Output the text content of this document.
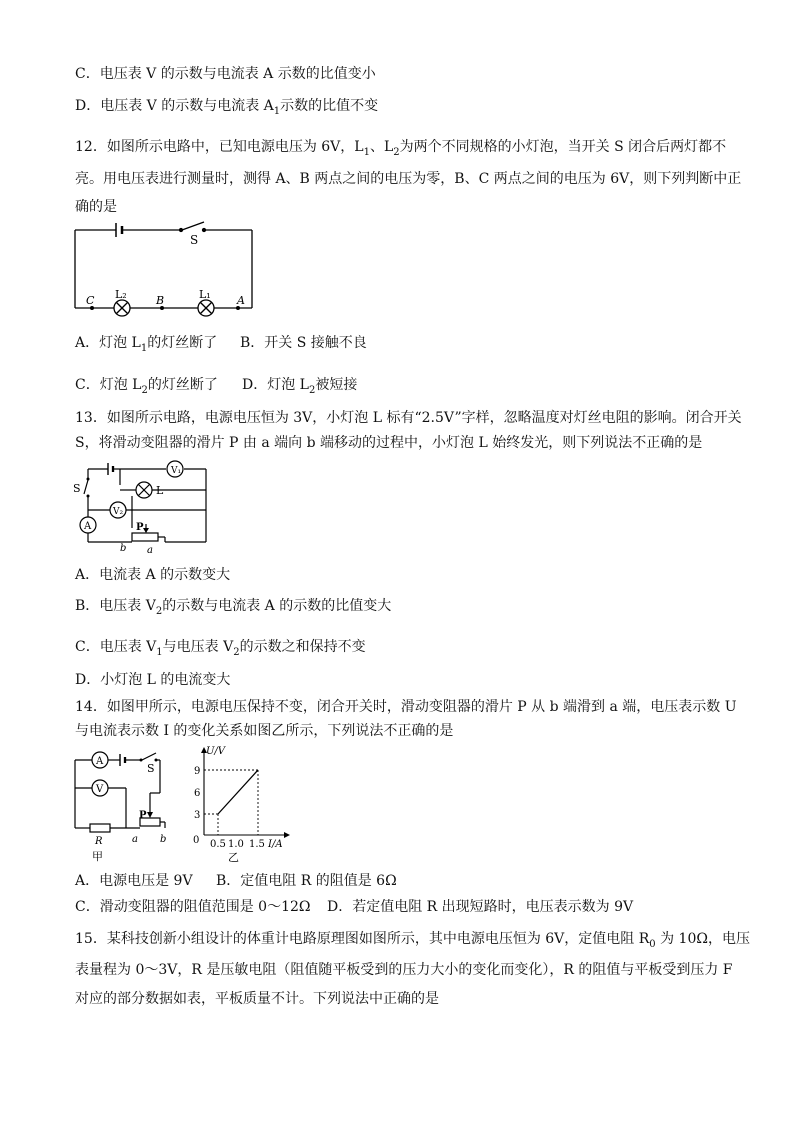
C．电压表 V 的示数与电流表 A 示数的比值变小
D．电压表 V 的示数与电流表 $A_1$示数的比值不变
12．如图所示电路中，已知电源电压为 6V，$L_1$、$L_2$为两个不同规格的小灯泡，当开关 S 闭合后两灯都不
亮。用电压表进行测量时，测得 A、B 两点之间的电压为零，B、C 两点之间的电压为 6V，则下列判断中正
确的是
S
L₂	L₁
C	B	A
A．灯泡 $L_1$的灯丝断了 B．开关 S 接触不良
C．灯泡 $L_2$的灯丝断了 D．灯泡 $L_2$被短接
13．如图所示电路，电源电压恒为 3V，小灯泡 L 标有“2.5V”字样，忽略温度对灯丝电阻的影响。闭合开关
S，将滑动变阻器的滑片 P 由 a 端向 b 端移动的过程中，小灯泡 L 始终发光，则下列说法不正确的是
S
V₁
L
V₂
A	P
b a
A．电流表 A 的示数变大
B．电压表 $V_2$的示数与电流表 A 的示数的比值变大
C．电压表 $V_1$与电压表 $V_2$的示数之和保持不变
D．小灯泡 L 的电流变大
14．如图甲所示，电源电压保持不变，闭合开关时，滑动变阻器的滑片 P 从 b 端滑到 a 端，电压表示数 U
与电流表示数 I 的变化关系如图乙所示，下列说法不正确的是
A
S
V
P
R	a b
甲
U/V
I/A
0
3
6
9
0.5 1.0 1.5
乙
A．电源电压是 9V B．定值电阻 R 的阻值是 6Ω
C．滑动变阻器的阻值范围是 0～12Ω D．若定值电阻 R 出现短路时，电压表示数为 9V
15．某科技创新小组设计的体重计电路原理图如图所示，其中电源电压恒为 6V，定值电阻 $R_0$ 为 10Ω，电压
表量程为 0～3V，R 是压敏电阻（阻值随平板受到的压力大小的变化而变化），R 的阻值与平板受到压力 F
对应的部分数据如表，平板质量不计。下列说法中正确的是
